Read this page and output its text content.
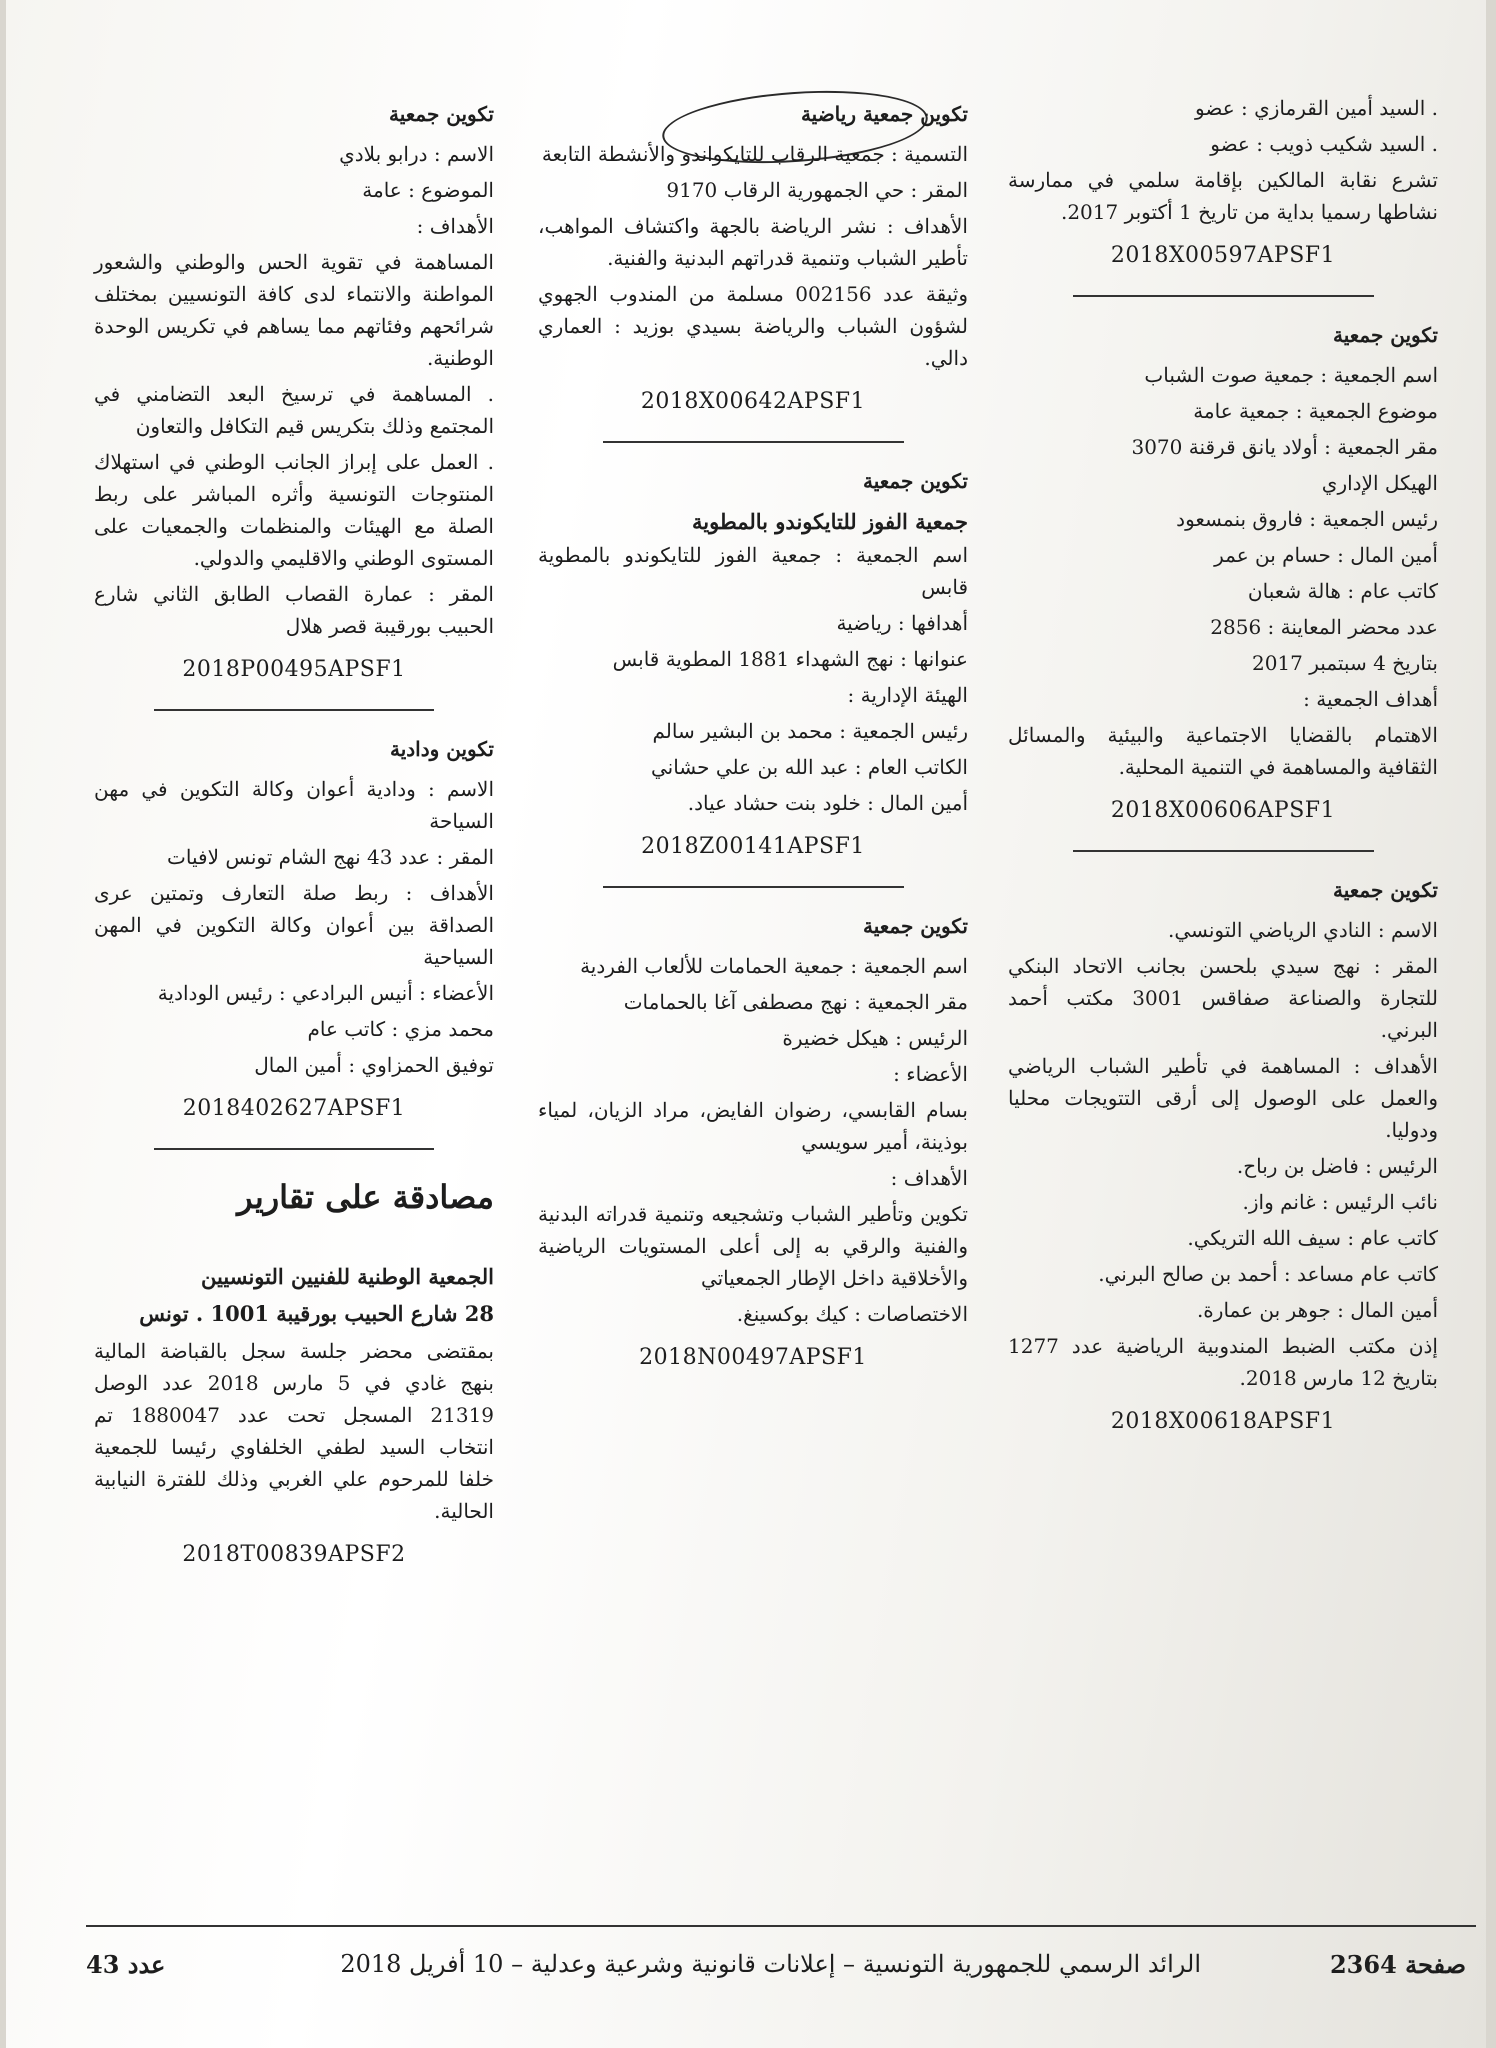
. السيد أمين القرمازي : عضو
. السيد شكيب ذويب : عضو

تشرع نقابة المالكين بإقامة سلمي في ممارسة نشاطها رسميا بداية من تاريخ 1 أكتوبر 2017.

2018X00597APSF1
تكوين جمعية
اسم الجمعية : جمعية صوت الشباب
موضوع الجمعية : جمعية عامة
مقر الجمعية : أولاد يانق قرقنة 3070
الهيكل الإداري
رئيس الجمعية : فاروق بنمسعود
أمين المال : حسام بن عمر
كاتب عام : هالة شعبان
عدد محضر المعاينة : 2856
بتاريخ 4 سبتمبر 2017
أهداف الجمعية :
الاهتمام بالقضايا الاجتماعية والبيئية والمسائل الثقافية والمساهمة في التنمية المحلية.
2018X00606APSF1
تكوين جمعية
الاسم : النادي الرياضي التونسي.
المقر : نهج سيدي بلحسن بجانب الاتحاد البنكي للتجارة والصناعة صفاقس 3001 مكتب أحمد البرني.
الأهداف : المساهمة في تأطير الشباب الرياضي والعمل على الوصول إلى أرقى التتويجات محليا ودوليا.
الرئيس : فاضل بن رباح.
نائب الرئيس : غانم واز.
كاتب عام : سيف الله التريكي.
كاتب عام مساعد : أحمد بن صالح البرني.
أمين المال : جوهر بن عمارة.
إذن مكتب الضبط المندوبية الرياضية عدد 1277 بتاريخ 12 مارس 2018.
2018X00618APSF1
تكوين جمعية رياضية
التسمية : جمعية الرقاب للتايكواندو والأنشطة التابعة
المقر : حي الجمهورية الرقاب 9170
الأهداف : نشر الرياضة بالجهة واكتشاف المواهب، تأطير الشباب وتنمية قدراتهم البدنية والفنية.
وثيقة عدد 002156 مسلمة من المندوب الجهوي لشؤون الشباب والرياضة بسيدي بوزيد : العماري دالي.
2018X00642APSF1
تكوين جمعية
جمعية الفوز للتايكوندو بالمطوية
اسم الجمعية : جمعية الفوز للتايكوندو بالمطوية قابس
أهدافها : رياضية
عنوانها : نهج الشهداء 1881 المطوية قابس
الهيئة الإدارية :
رئيس الجمعية : محمد بن البشير سالم
الكاتب العام : عبد الله بن علي حشاني
أمين المال : خلود بنت حشاد عياد.
2018Z00141APSF1
تكوين جمعية
اسم الجمعية : جمعية الحمامات للألعاب الفردية
مقر الجمعية : نهج مصطفى آغا بالحمامات
الرئيس : هيكل خضيرة
الأعضاء :
بسام القابسي، رضوان الفايض، مراد الزيان، لمياء بوذينة، أمير سويسي
الأهداف :
تكوين وتأطير الشباب وتشجيعه وتنمية قدراته البدنية والفنية والرقي به إلى أعلى المستويات الرياضية والأخلاقية داخل الإطار الجمعياتي
الاختصاصات : كيك بوكسينغ.
2018N00497APSF1
تكوين جمعية
الاسم : درابو بلادي
الموضوع : عامة
الأهداف :
المساهمة في تقوية الحس والوطني والشعور المواطنة والانتماء لدى كافة التونسيين بمختلف شرائحهم وفئاتهم مما يساهم في تكريس الوحدة الوطنية.
. المساهمة في ترسيخ البعد التضامني في المجتمع وذلك بتكريس قيم التكافل والتعاون
. العمل على إبراز الجانب الوطني في استهلاك المنتوجات التونسية وأثره المباشر على ربط الصلة مع الهيئات والمنظمات والجمعيات على المستوى الوطني والاقليمي والدولي.
المقر : عمارة القصاب الطابق الثاني شارع الحبيب بورقيبة قصر هلال
2018P00495APSF1
تكوين ودادية
الاسم : ودادية أعوان وكالة التكوين في مهن السياحة
المقر : عدد 43 نهج الشام تونس لافيات
الأهداف : ربط صلة التعارف وتمتين عرى الصداقة بين أعوان وكالة التكوين في المهن السياحية
الأعضاء : أنيس البرادعي : رئيس الودادية
محمد مزي : كاتب عام
توفيق الحمزاوي : أمين المال
2018402627APSF1
مصادقة على تقارير
الجمعية الوطنية للفنيين التونسيين
28 شارع الحبيب بورقيبة 1001 . تونس

بمقتضى محضر جلسة سجل بالقباضة المالية بنهج غادي في 5 مارس 2018 عدد الوصل 21319 المسجل تحت عدد 1880047 تم انتخاب السيد لطفي الخلفاوي رئيسا للجمعية خلفا للمرحوم علي الغربي وذلك للفترة النيابية الحالية.

2018T00839APSF2
صفحة 2364
الرائد الرسمي للجمهورية التونسية – إعلانات قانونية وشرعية وعدلية – 10 أفريل 2018
عدد 43
